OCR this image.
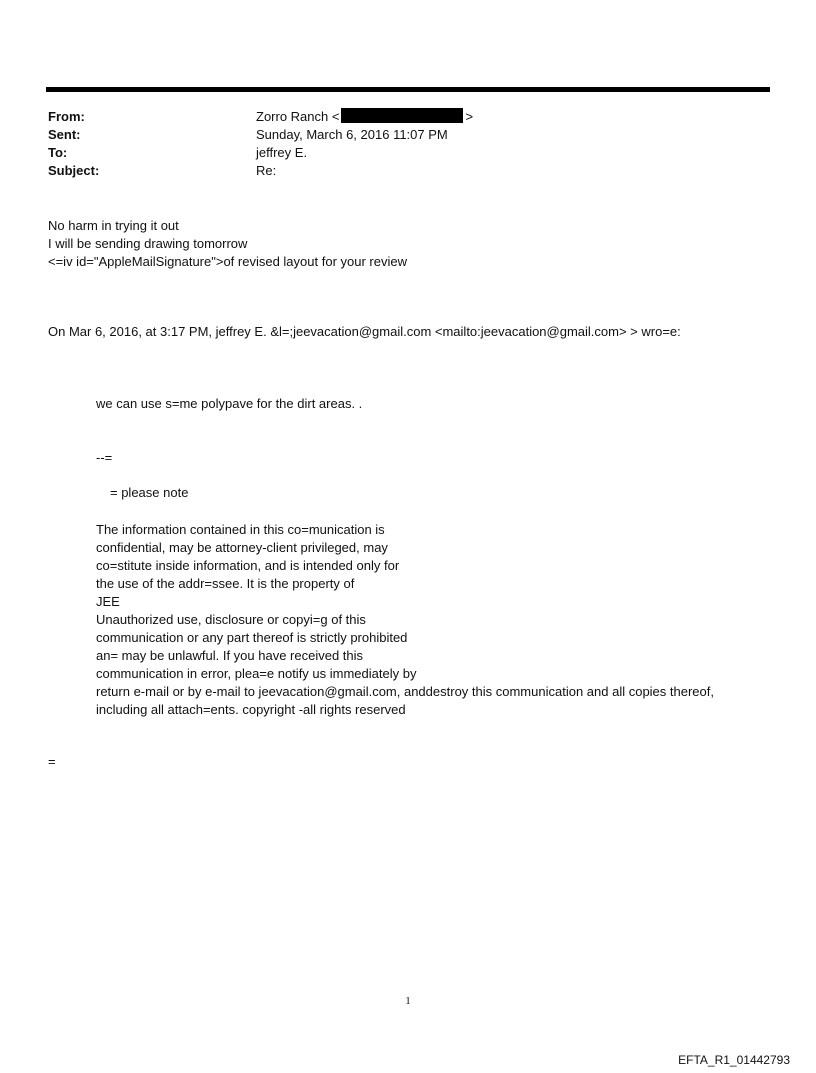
From:	Zorro Ranch <	>
Sent:	Sunday, March 6, 2016 11:07 PM
To:	jeffrey E.
Subject:	Re:
No harm in trying it out
I will be sending drawing tomorrow
<=iv id="AppleMailSignature">of revised layout for your review
On Mar 6, 2016, at 3:17 PM, jeffrey E. &l=;jeevacation@gmail.com <mailto:jeevacation@gmail.com> > wro=e:
we can use s=me polypave for the dirt areas. .
--=
= please note
The information contained in this co=munication is
confidential, may be attorney-client privileged, may
co=stitute inside information, and is intended only for
the use of the addr=ssee. It is the property of
JEE
Unauthorized use, disclosure or copyi=g of this
communication or any part thereof is strictly prohibited
an= may be unlawful. If you have received this
communication in error, plea=e notify us immediately by
return e-mail or by e-mail to jeevacation@gmail.com, anddestroy this communication and all copies thereof,
including all attach=ents. copyright -all rights reserved
=
1
EFTA_R1_01442793
